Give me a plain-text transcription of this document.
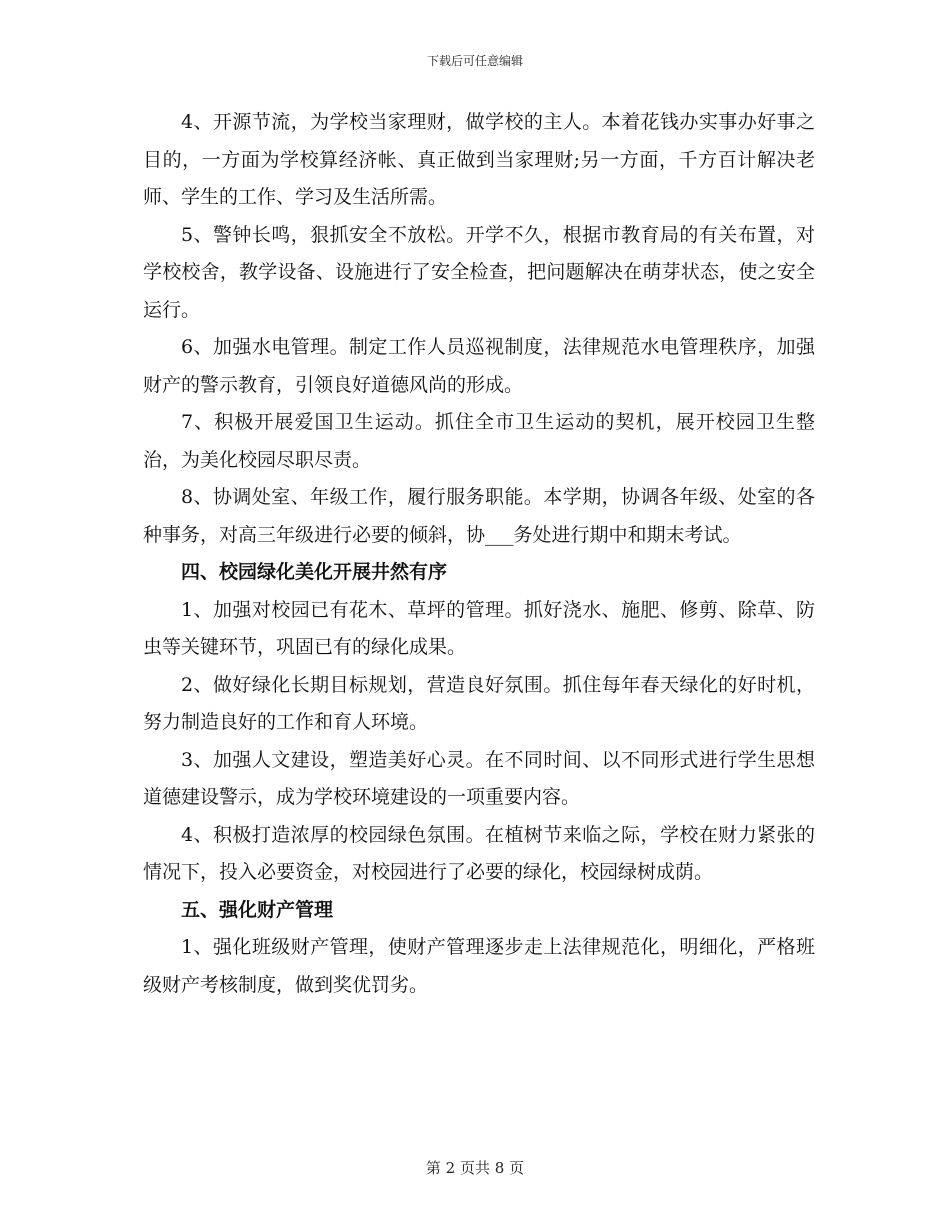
下载后可任意编辑

4、开源节流，为学校当家理财，做学校的主人。本着花钱办实事办好事之目的，一方面为学校算经济帐、真正做到当家理财;另一方面，千方百计解决老师、学生的工作、学习及生活所需。

5、警钟长鸣，狠抓安全不放松。开学不久，根据市教育局的有关布置，对学校校舍，教学设备、设施进行了安全检查，把问题解决在萌芽状态，使之安全运行。

6、加强水电管理。制定工作人员巡视制度，法律规范水电管理秩序，加强财产的警示教育，引领良好道德风尚的形成。

7、积极开展爱国卫生运动。抓住全市卫生运动的契机，展开校园卫生整治，为美化校园尽职尽责。

8、协调处室、年级工作，履行服务职能。本学期，协调各年级、处室的各种事务，对高三年级进行必要的倾斜，协___务处进行期中和期末考试。

四、校园绿化美化开展井然有序

1、加强对校园已有花木、草坪的管理。抓好浇水、施肥、修剪、除草、防虫等关键环节，巩固已有的绿化成果。

2、做好绿化长期目标规划，营造良好氛围。抓住每年春天绿化的好时机，努力制造良好的工作和育人环境。

3、加强人文建设，塑造美好心灵。在不同时间、以不同形式进行学生思想道德建设警示，成为学校环境建设的一项重要内容。

4、积极打造浓厚的校园绿色氛围。在植树节来临之际，学校在财力紧张的情况下，投入必要资金，对校园进行了必要的绿化，校园绿树成荫。

五、强化财产管理

1、强化班级财产管理，使财产管理逐步走上法律规范化，明细化，严格班级财产考核制度，做到奖优罚劣。

第 2 页共 8 页
